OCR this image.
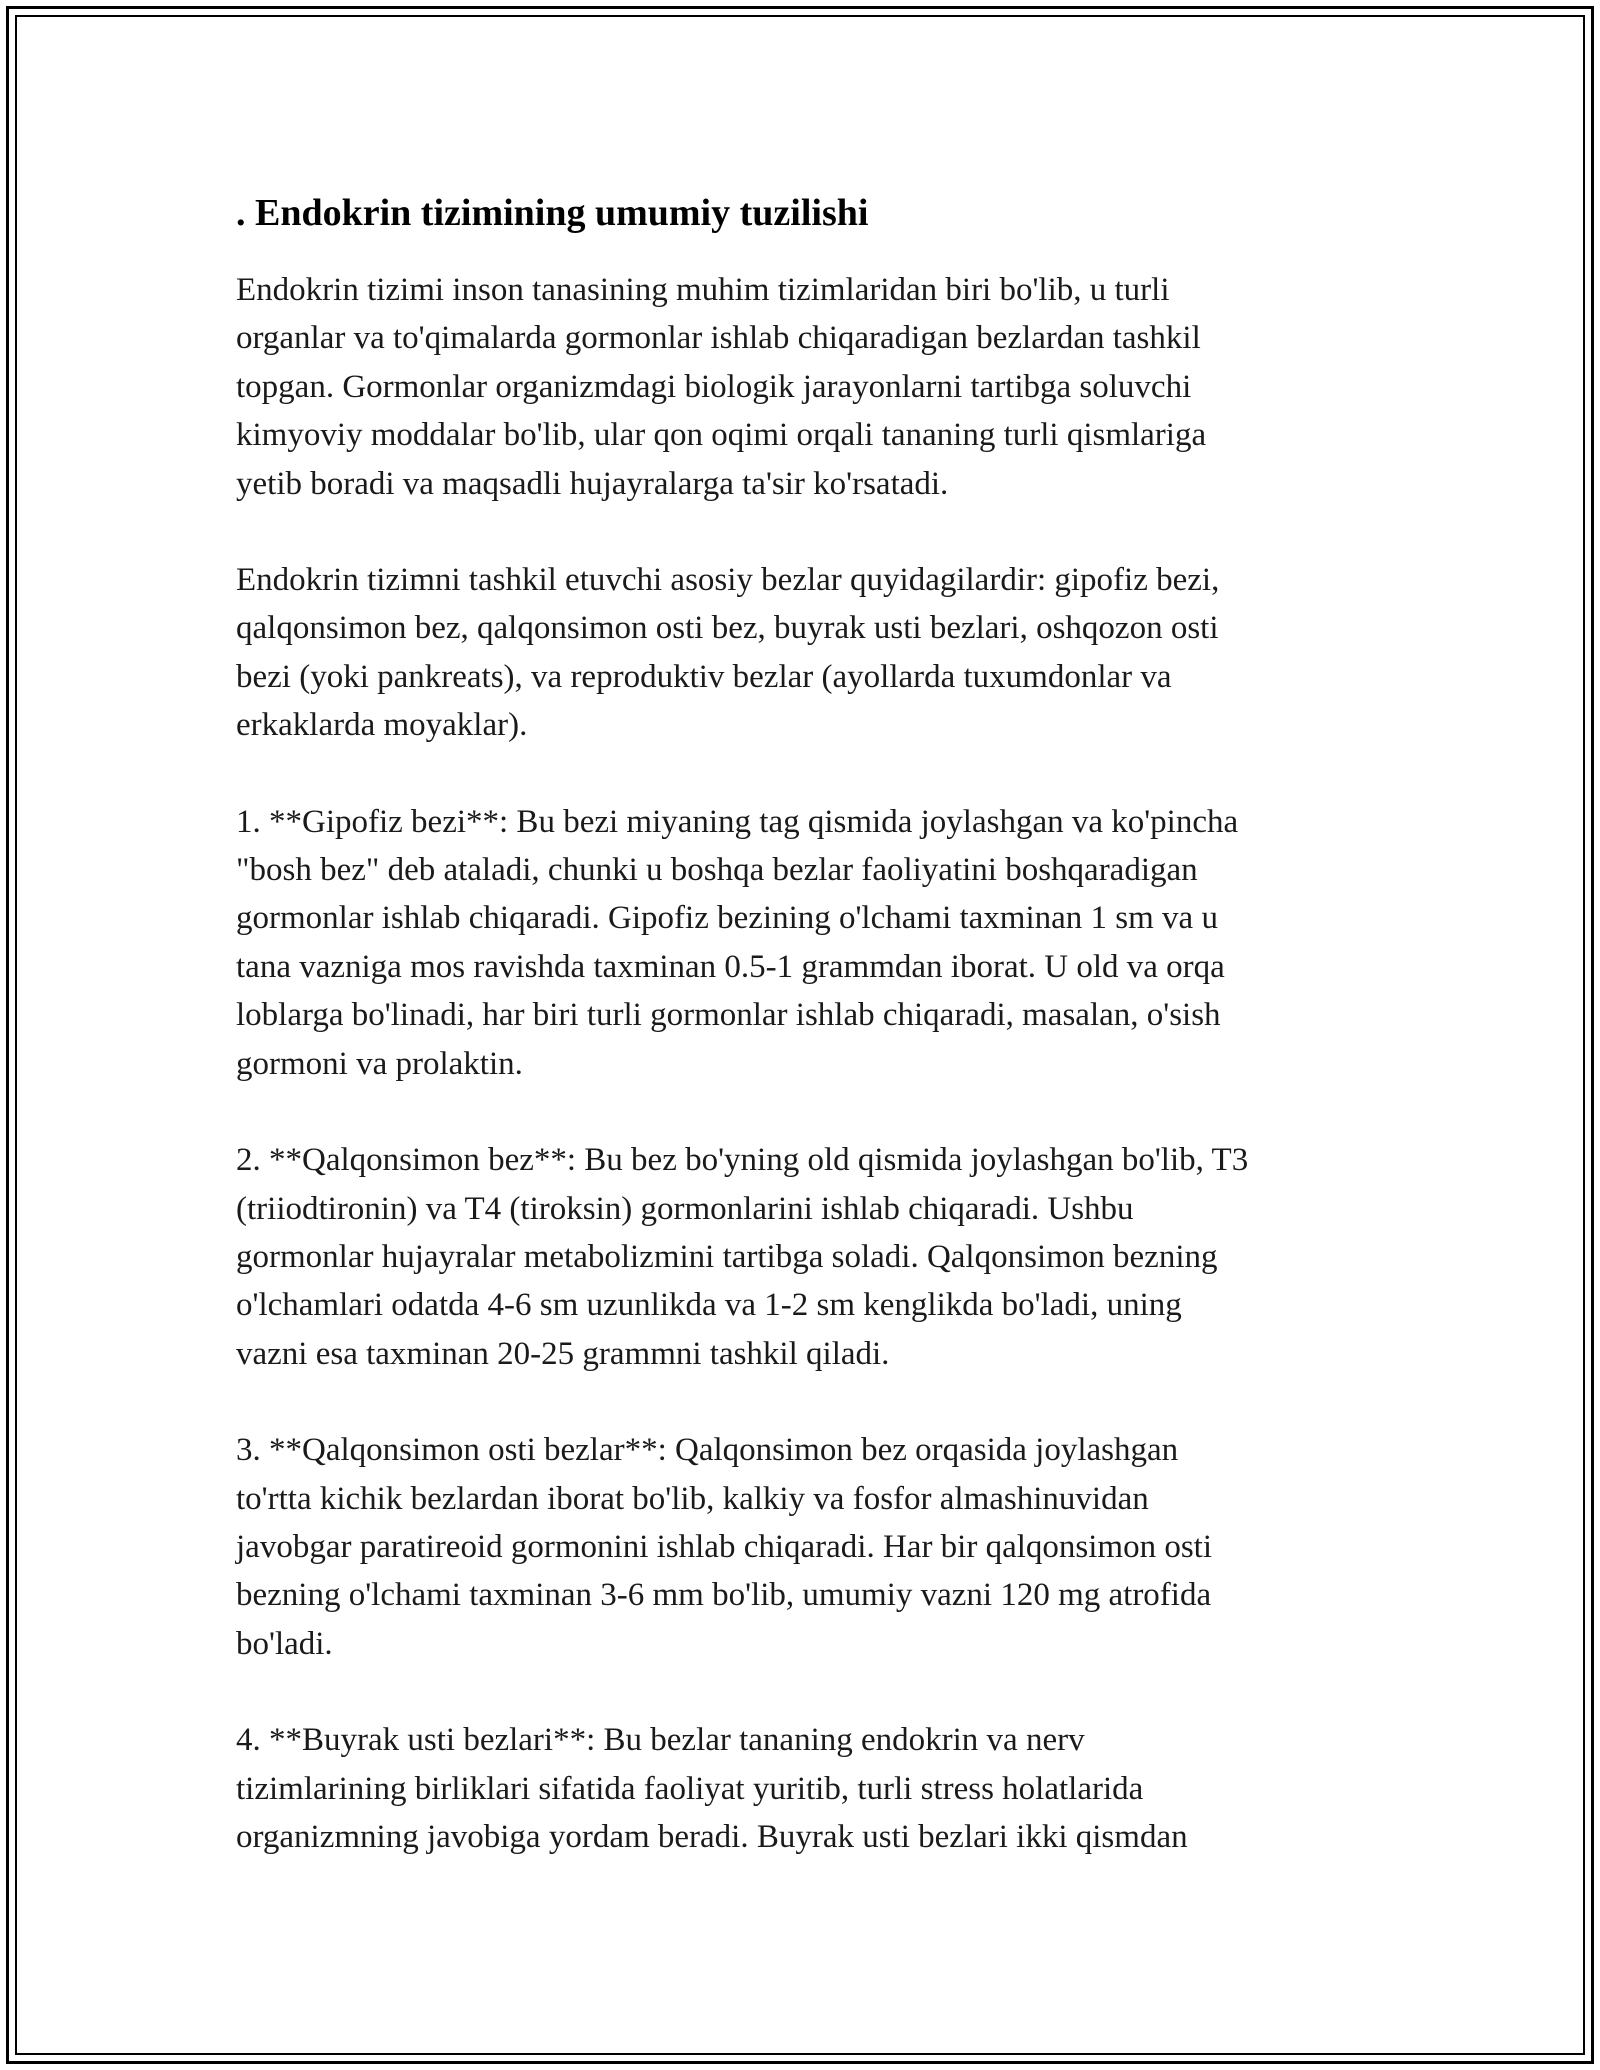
. Endokrin tizimining umumiy tuzilishi

Endokrin tizimi inson tanasining muhim tizimlaridan biri bo'lib, u turli
organlar va to'qimalarda gormonlar ishlab chiqaradigan bezlardan tashkil
topgan. Gormonlar organizmdagi biologik jarayonlarni tartibga soluvchi
kimyoviy moddalar bo'lib, ular qon oqimi orqali tananing turli qismlariga
yetib boradi va maqsadli hujayralarga ta'sir ko'rsatadi.

Endokrin tizimni tashkil etuvchi asosiy bezlar quyidagilardir: gipofiz bezi,
qalqonsimon bez, qalqonsimon osti bez, buyrak usti bezlari, oshqozon osti
bezi (yoki pankreats), va reproduktiv bezlar (ayollarda tuxumdonlar va
erkaklarda moyaklar).

1. **Gipofiz bezi**: Bu bezi miyaning tag qismida joylashgan va ko'pincha
"bosh bez" deb ataladi, chunki u boshqa bezlar faoliyatini boshqaradigan
gormonlar ishlab chiqaradi. Gipofiz bezining o'lchami taxminan 1 sm va u
tana vazniga mos ravishda taxminan 0.5-1 grammdan iborat. U old va orqa
loblarga bo'linadi, har biri turli gormonlar ishlab chiqaradi, masalan, o'sish
gormoni va prolaktin.

2. **Qalqonsimon bez**: Bu bez bo'yning old qismida joylashgan bo'lib, T3
(triiodtironin) va T4 (tiroksin) gormonlarini ishlab chiqaradi. Ushbu
gormonlar hujayralar metabolizmini tartibga soladi. Qalqonsimon bezning
o'lchamlari odatda 4-6 sm uzunlikda va 1-2 sm kenglikda bo'ladi, uning
vazni esa taxminan 20-25 grammni tashkil qiladi.

3. **Qalqonsimon osti bezlar**: Qalqonsimon bez orqasida joylashgan
to'rtta kichik bezlardan iborat bo'lib, kalkiy va fosfor almashinuvidan
javobgar paratireoid gormonini ishlab chiqaradi. Har bir qalqonsimon osti
bezning o'lchami taxminan 3-6 mm bo'lib, umumiy vazni 120 mg atrofida
bo'ladi.

4. **Buyrak usti bezlari**: Bu bezlar tananing endokrin va nerv
tizimlarining birliklari sifatida faoliyat yuritib, turli stress holatlarida
organizmning javobiga yordam beradi. Buyrak usti bezlari ikki qismdan
